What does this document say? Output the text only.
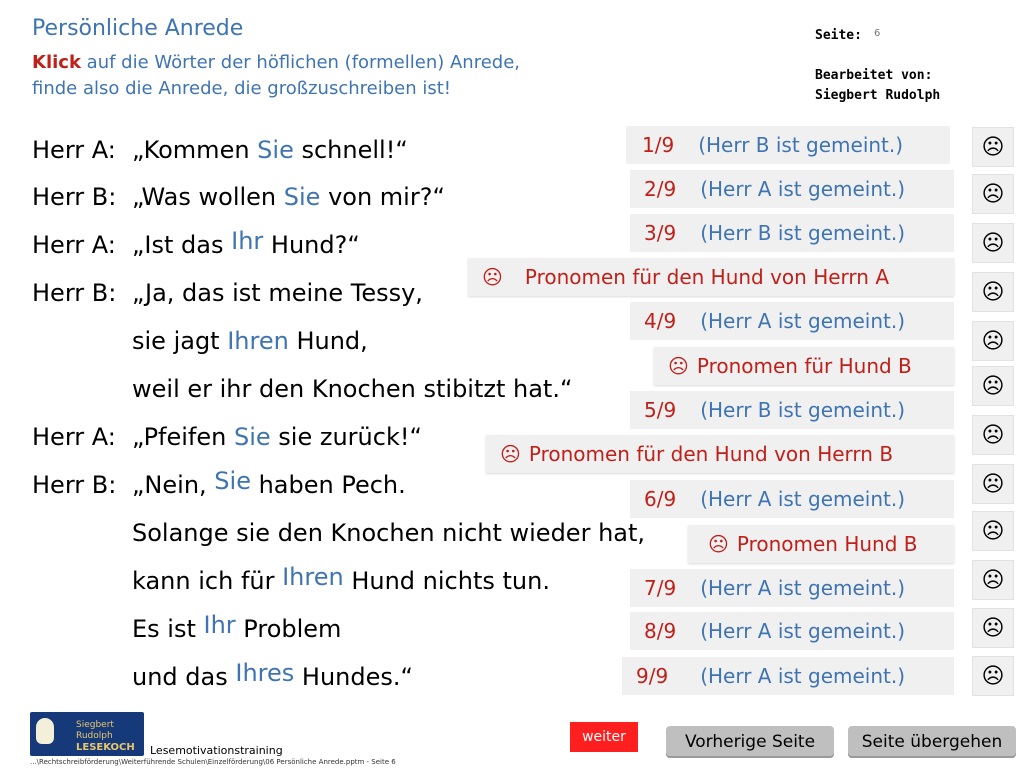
Persönliche Anrede
Klick auf die Wörter der höflichen (formellen) Anrede,
finde also die Anrede, die großzuschreiben ist!
Seite: 6
Bearbeitet von:
Siegbert Rudolph
Herr A: „Kommen Sie schnell!“
Herr B: „Was wollen Sie von mir?“
Herr A: „Ist das Ihr Hund?“
Herr B: „Ja, das ist meine Tessy,
sie jagt Ihren Hund,
weil er ihr den Knochen stibitzt hat.“
Herr A: „Pfeifen Sie sie zurück!“
Herr B: „Nein, Sie haben Pech.
Solange sie den Knochen nicht wieder hat,
kann ich für Ihren Hund nichts tun.
Es ist Ihr Problem
und das Ihres Hundes.“
1/9 (Herr B ist gemeint.)
2/9 (Herr A ist gemeint.)
3/9 (Herr B ist gemeint.)
☹ Pronomen für den Hund von Herrn A
4/9 (Herr A ist gemeint.)
☹ Pronomen für Hund B
5/9 (Herr B ist gemeint.)
☹ Pronomen für den Hund von Herrn B
6/9 (Herr A ist gemeint.)
☹ Pronomen Hund B
7/9 (Herr A ist gemeint.)
8/9 (Herr A ist gemeint.)
9/9 (Herr A ist gemeint.)
☹
☹
☹
☹
☹
☹
☹
☹
☹
☹
☹
☹
Siegbert Rudolph
LESEKOCH	Lesemotivationstraining
...\Rechtschreibförderung\Weiterführende Schulen\Einzelförderung\06 Persönliche Anrede.pptm - Seite 6
weiter	Vorherige Seite	Seite übergehen
